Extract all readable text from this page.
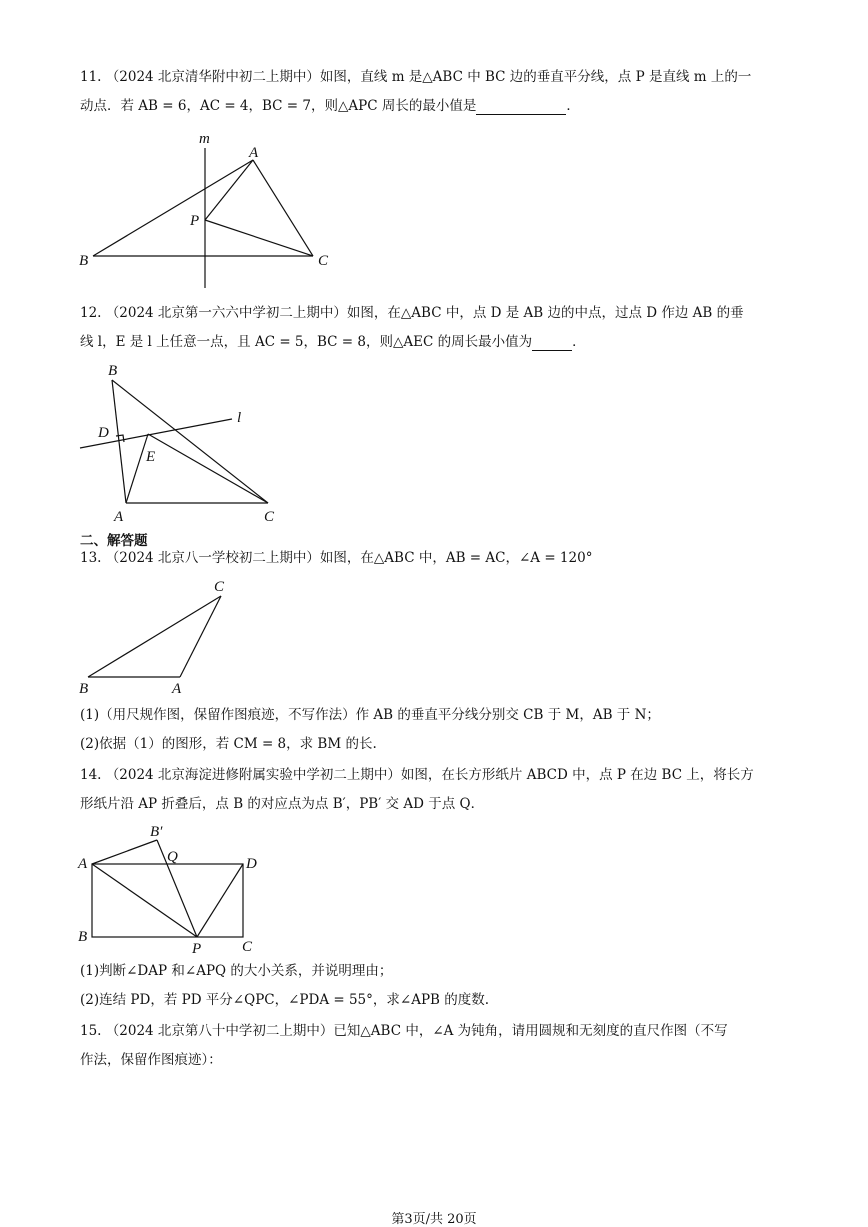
11. （2024 北京清华附中初二上期中）如图，直线 m 是△ABC 中 BC 边的垂直平分线，点 P 是直线 m 上的一
动点．若 AB = 6，AC = 4，BC = 7，则△APC 周长的最小值是	．
m
A
P
B	C
12. （2024 北京第一六六中学初二上期中）如图，在△ABC 中，点 D 是 AB 边的中点，过点 D 作边 AB 的垂
线 l，E 是 l 上任意一点，且 AC = 5，BC = 8，则△AEC 的周长最小值为	．
B
D
E
l
A	C
二、解答题
13. （2024 北京八一学校初二上期中）如图，在△ABC 中，AB = AC，∠A = 120°
C
B	A
(1)（用尺规作图，保留作图痕迹，不写作法）作 AB 的垂直平分线分别交 CB 于 M，AB 于 N；
(2)依据（1）的图形，若 CM = 8，求 BM 的长.
14. （2024 北京海淀进修附属实验中学初二上期中）如图，在长方形纸片 ABCD 中，点 P 在边 BC 上，将长方
形纸片沿 AP 折叠后，点 B 的对应点为点 B′，PB′ 交 AD 于点 Q．
B′
A	Q	D
B
P	C
(1)判断∠DAP 和∠APQ 的大小关系，并说明理由；
(2)连结 PD，若 PD 平分∠QPC，∠PDA = 55°，求∠APB 的度数.
15. （2024 北京第八十中学初二上期中）已知△ABC 中，∠A 为钝角，请用圆规和无刻度的直尺作图（不写
作法，保留作图痕迹）：
第3页/共 20页
